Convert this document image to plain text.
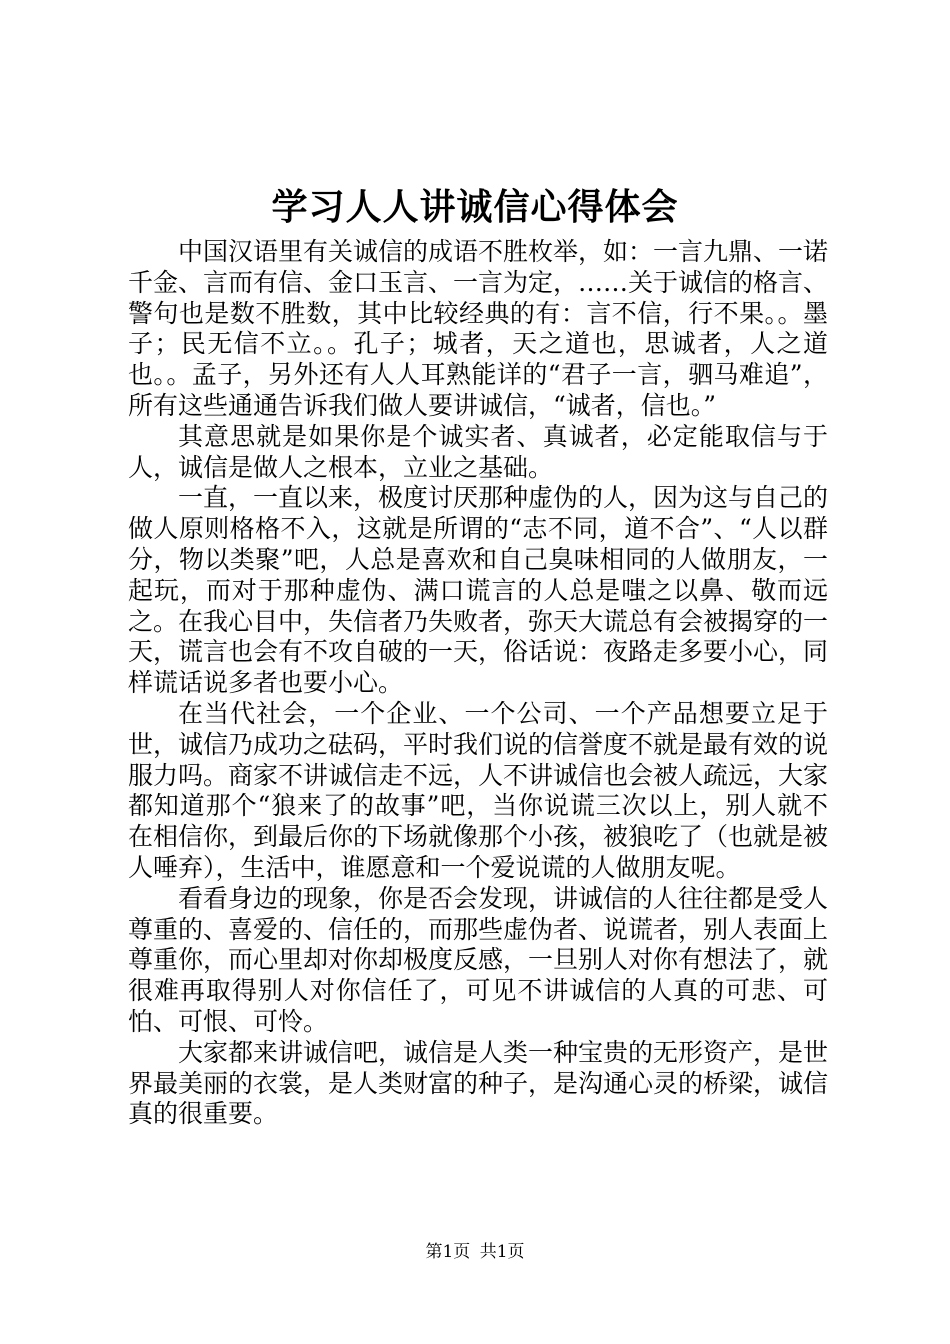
学习人人讲诚信心得体会

中国汉语里有关诚信的成语不胜枚举，如：一言九鼎、一诺千金、言而有信、金口玉言、一言为定，……关于诚信的格言、警句也是数不胜数，其中比较经典的有：言不信，行不果。。墨子；民无信不立。。孔子；城者，天之道也，思诚者，人之道也。。孟子，另外还有人人耳熟能详的“君子一言，驷马难追”，所有这些通通告诉我们做人要讲诚信，“诚者，信也。”

其意思就是如果你是个诚实者、真诚者，必定能取信与于人，诚信是做人之根本，立业之基础。

一直，一直以来，极度讨厌那种虚伪的人，因为这与自己的做人原则格格不入，这就是所谓的“志不同，道不合”、“人以群分，物以类聚”吧，人总是喜欢和自己臭味相同的人做朋友，一起玩，而对于那种虚伪、满口谎言的人总是嗤之以鼻、敬而远之。在我心目中，失信者乃失败者，弥天大谎总有会被揭穿的一天，谎言也会有不攻自破的一天，俗话说：夜路走多要小心，同样谎话说多者也要小心。

在当代社会，一个企业、一个公司、一个产品想要立足于世，诚信乃成功之砝码，平时我们说的信誉度不就是最有效的说服力吗。商家不讲诚信走不远，人不讲诚信也会被人疏远，大家都知道那个“狼来了的故事”吧，当你说谎三次以上，别人就不在相信你，到最后你的下场就像那个小孩，被狼吃了（也就是被人唾弃），生活中，谁愿意和一个爱说谎的人做朋友呢。

看看身边的现象，你是否会发现，讲诚信的人往往都是受人尊重的、喜爱的、信任的，而那些虚伪者、说谎者，别人表面上尊重你，而心里却对你却极度反感，一旦别人对你有想法了，就很难再取得别人对你信任了，可见不讲诚信的人真的可悲、可怕、可恨、可怜。

大家都来讲诚信吧，诚信是人类一种宝贵的无形资产，是世界最美丽的衣裳，是人类财富的种子，是沟通心灵的桥梁，诚信真的很重要。

第1页 共1页
